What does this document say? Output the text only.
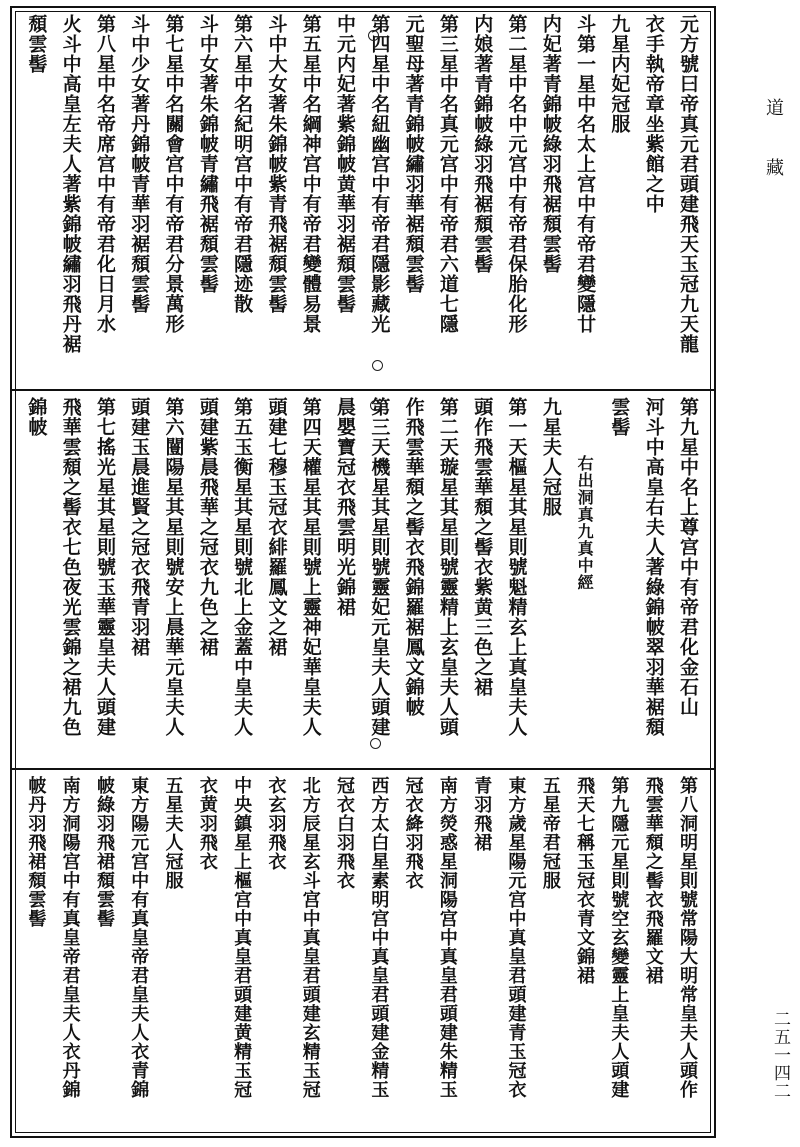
元方號曰帝真元君頭建飛天玉冠九天龍
衣手執帝章坐紫館之中
九星内妃冠服
斗第一星中名太上宫中有帝君變隱廿
内妃著青錦帔綠羽飛裾頹雲髻
第二星中名中元宫中有帝君保胎化形
内娘著青錦帔綠羽飛裾頹雲髻
第三星中名真元宫中有帝君六道七隱
元聖母著青錦帔繡羽華裾頹雲髻
第四星中名紐幽宫中有帝君隱影藏光
中元内妃著紫錦帔黄華羽裾頹雲髻
第五星中名綱神宫中有帝君變體易景
斗中大女著朱錦帔紫青飛裾頹雲髻
第六星中名紀明宫中有帝君隱迹散
斗中女著朱錦帔青繡飛裾頹雲髻
第七星中名關會宫中有帝君分景萬形
斗中少女著丹錦帔青華羽裾頹雲髻
第八星中名帝席宫中有帝君化日月水
火斗中高皇左夫人著紫錦帔繡羽飛丹裾
頹雲髻
第九星中名上尊宫中有帝君化金石山
河斗中高皇右夫人著綠錦帔翠羽華裾頹
雲髻
右出洞真九真中經
九星夫人冠服
第一天樞星其星則號魁精玄上真皇夫人
頭作飛雲華頹之髻衣紫黄三色之裙
第二天璇星其星則號靈精上玄皇夫人頭
作飛雲華頹之髻衣飛錦羅裾鳳文錦帔
第三天機星其星則號靈妃元皇夫人頭建
晨嬰寶冠衣飛雲明光錦裙
第四天權星其星則號上靈神妃華皇夫人
頭建七穆玉冠衣緋羅鳳文之裙
第五玉衡星其星則號北上金蓋中皇夫人
頭建紫晨飛華之冠衣九色之裙
第六闓陽星其星則號安上晨華元皇夫人
頭建玉晨進賢之冠衣飛青羽裙
第七搖光星其星則號玉華靈皇夫人頭建
飛華雲頹之髻衣七色夜光雲錦之裙九色
錦帔
第八洞明星則號常陽大明常皇夫人頭作
飛雲華頹之髻衣飛羅文裙
第九隱元星則號空玄變靈上皇夫人頭建
飛天七稱玉冠衣青文錦裙
五星帝君冠服
東方歲星陽元宫中真皇君頭建青玉冠衣
青羽飛裙
南方熒惑星洞陽宫中真皇君頭建朱精玉
冠衣絳羽飛衣
西方太白星素明宫中真皇君頭建金精玉
冠衣白羽飛衣
北方辰星玄斗宫中真皇君頭建玄精玉冠
衣玄羽飛衣
中央鎮星上樞宫中真皇君頭建黄精玉冠
衣黄羽飛衣
五星夫人冠服
東方陽元宫中有真皇帝君皇夫人衣青錦
帔綠羽飛裙頹雲髻
南方洞陽宫中有真皇帝君皇夫人衣丹錦
帔丹羽飛裙頹雲髻
道藏
二五一四二
